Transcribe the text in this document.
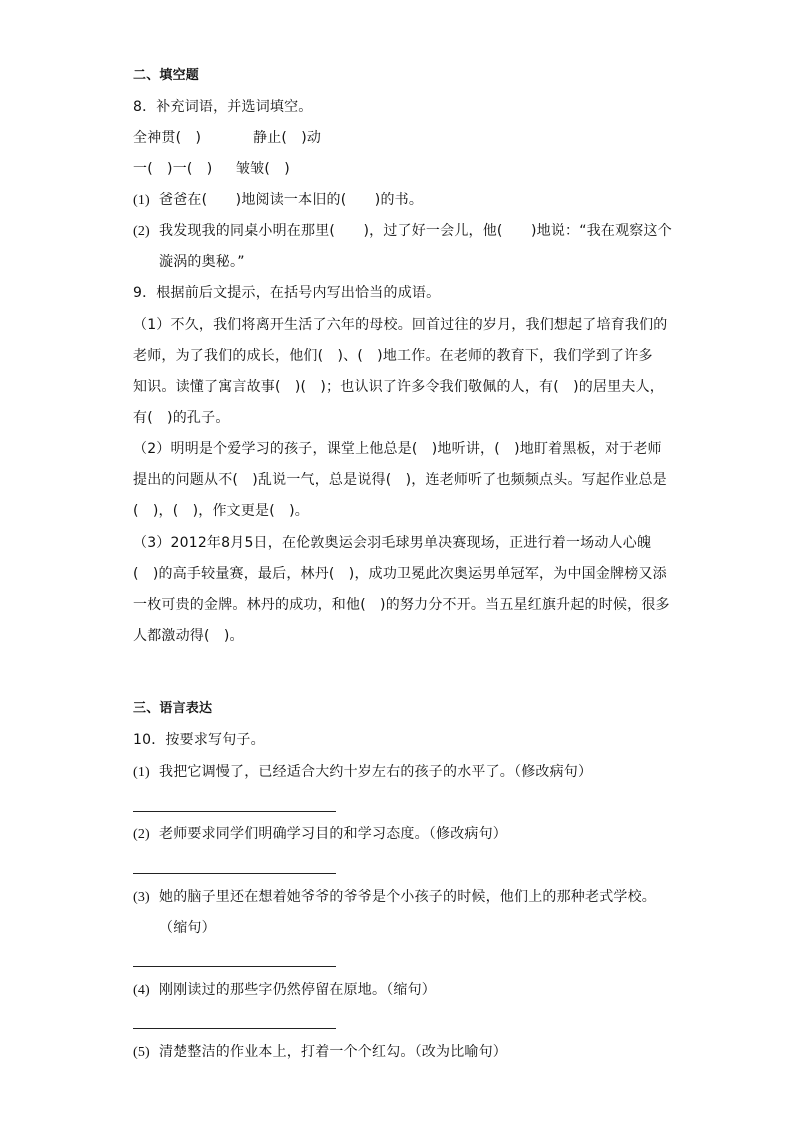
二、填空题
8．补充词语，并选词填空。
全神贯(　)	静止(　)动
一(　)一(　) 皱皱(　)
(1) 爸爸在(　　)地阅读一本旧的(　　)的书。
(2) 我发现我的同桌小明在那里(　　)，过了好一会儿，他(　　)地说：“我在观察这个
漩涡的奥秘。”
9．根据前后文提示，在括号内写出恰当的成语。
（1）不久，我们将离开生活了六年的母校。回首过往的岁月，我们想起了培育我们的
老师，为了我们的成长，他们(　)、(　)地工作。在老师的教育下，我们学到了许多
知识。读懂了寓言故事(　)(　)；也认识了许多令我们敬佩的人，有(　)的居里夫人，
有(　)的孔子。
（2）明明是个爱学习的孩子，课堂上他总是(　)地听讲，(　)地盯着黑板，对于老师
提出的问题从不(　)乱说一气，总是说得(　)，连老师听了也频频点头。写起作业总是
(　)，(　)，作文更是(　)。
（3）2012年8月5日，在伦敦奥运会羽毛球男单决赛现场，正进行着一场动人心魄
(　)的高手较量赛，最后，林丹(　)，成功卫冕此次奥运男单冠军，为中国金牌榜又添
一枚可贵的金牌。林丹的成功，和他(　)的努力分不开。当五星红旗升起的时候，很多
人都激动得(　)。
三、语言表达
10．按要求写句子。
(1) 我把它调慢了，已经适合大约十岁左右的孩子的水平了。（修改病句）
(2) 老师要求同学们明确学习目的和学习态度。（修改病句）
(3) 她的脑子里还在想着她爷爷的爷爷是个小孩子的时候，他们上的那种老式学校。
（缩句）
(4) 刚刚读过的那些字仍然停留在原地。（缩句）
(5) 清楚整洁的作业本上，打着一个个红勾。（改为比喻句）
